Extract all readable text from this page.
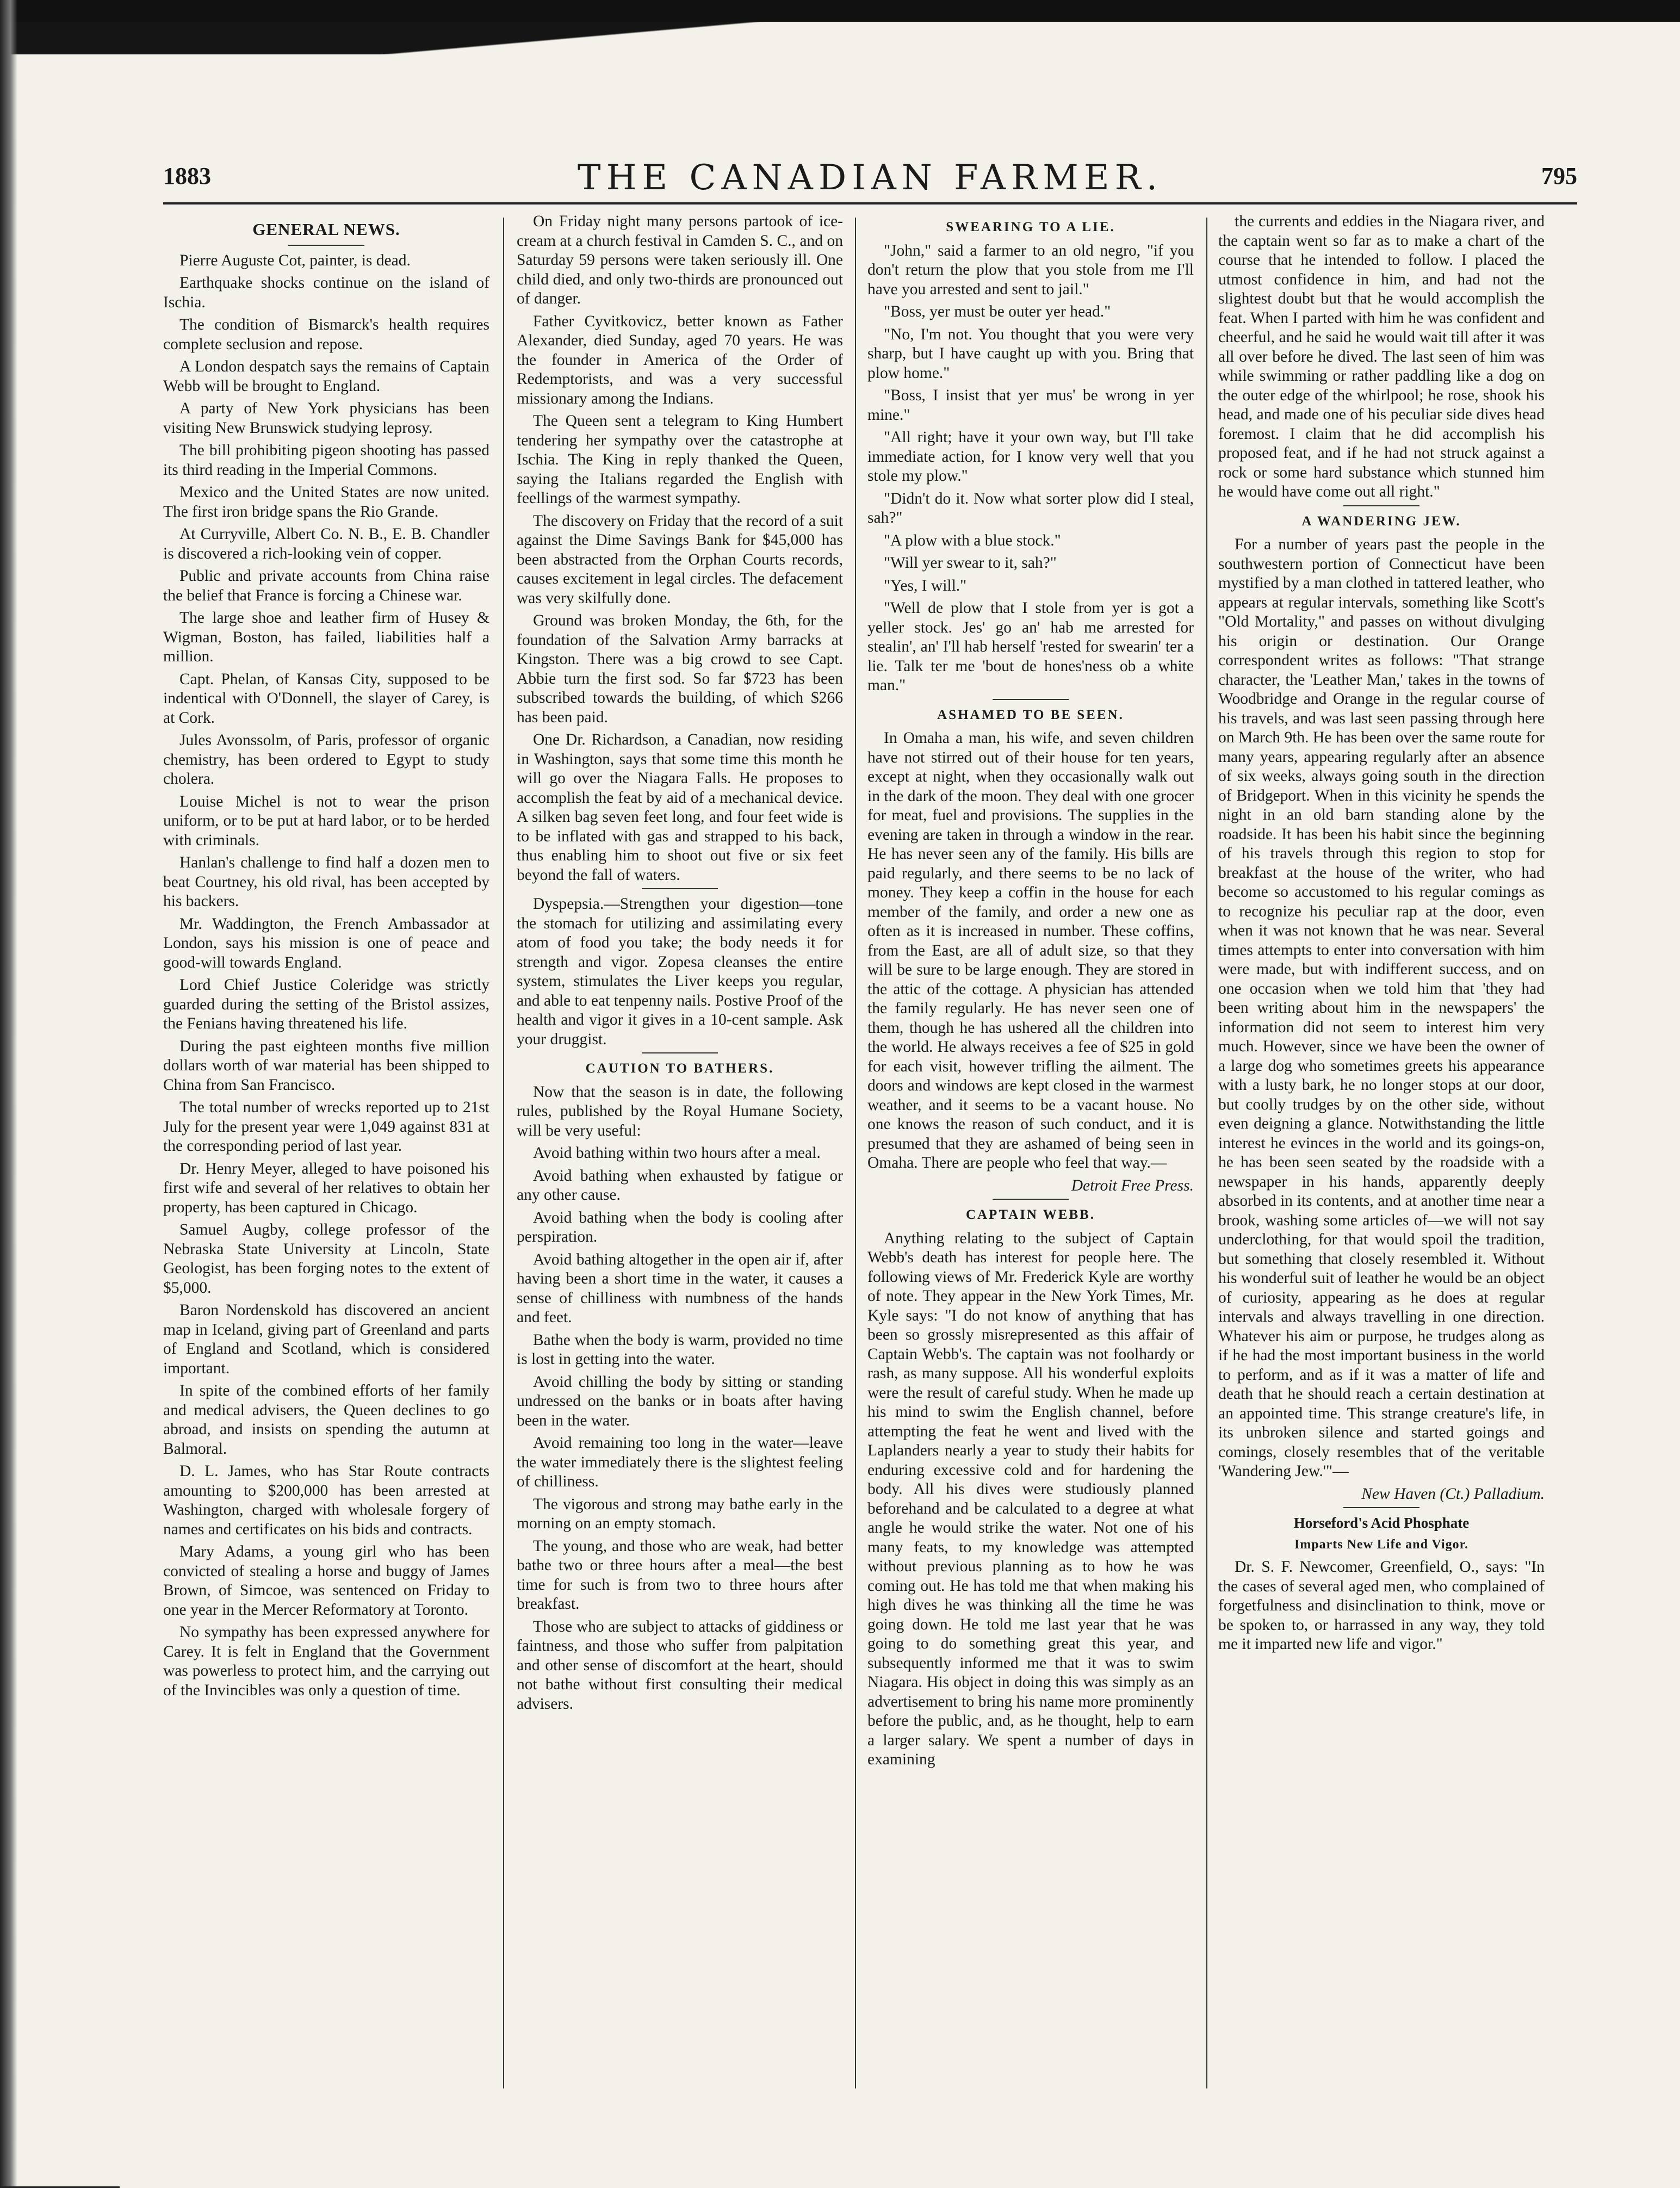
1883	THE CANADIAN FARMER.	795
GENERAL NEWS.

Pierre Auguste Cot, painter, is dead.

Earthquake shocks continue on the island of Ischia.

The condition of Bismarck's health requires complete seclusion and repose.

A London despatch says the remains of Captain Webb will be brought to England.

A party of New York physicians has been visiting New Brunswick studying leprosy.

The bill prohibiting pigeon shooting has passed its third reading in the Imperial Commons.

Mexico and the United States are now united. The first iron bridge spans the Rio Grande.

At Curryville, Albert Co. N. B., E. B. Chandler is discovered a rich-looking vein of copper.

Public and private accounts from China raise the belief that France is forcing a Chinese war.

The large shoe and leather firm of Husey & Wigman, Boston, has failed, liabilities half a million.

Capt. Phelan, of Kansas City, supposed to be indentical with O'Donnell, the slayer of Carey, is at Cork.

Jules Avonssolm, of Paris, professor of organic chemistry, has been ordered to Egypt to study cholera.

Louise Michel is not to wear the prison uniform, or to be put at hard labor, or to be herded with criminals.

Hanlan's challenge to find half a dozen men to beat Courtney, his old rival, has been accepted by his backers.

Mr. Waddington, the French Ambassador at London, says his mission is one of peace and good-will towards England.

Lord Chief Justice Coleridge was strictly guarded during the setting of the Bristol assizes, the Fenians having threatened his life.

During the past eighteen months five million dollars worth of war material has been shipped to China from San Francisco.

The total number of wrecks reported up to 21st July for the present year were 1,049 against 831 at the corresponding period of last year.

Dr. Henry Meyer, alleged to have poisoned his first wife and several of her relatives to obtain her property, has been captured in Chicago.

Samuel Augby, college professor of the Nebraska State University at Lincoln, State Geologist, has been forging notes to the extent of $5,000.

Baron Nordenskold has discovered an ancient map in Iceland, giving part of Greenland and parts of England and Scotland, which is considered important.

In spite of the combined efforts of her family and medical advisers, the Queen declines to go abroad, and insists on spending the autumn at Balmoral.

D. L. James, who has Star Route contracts amounting to $200,000 has been arrested at Washington, charged with wholesale forgery of names and certificates on his bids and contracts.

Mary Adams, a young girl who has been convicted of stealing a horse and buggy of James Brown, of Simcoe, was sentenced on Friday to one year in the Mercer Reformatory at Toronto.

No sympathy has been expressed anywhere for Carey. It is felt in England that the Government was powerless to protect him, and the carrying out of the Invincibles was only a question of time.

On Friday night many persons partook of ice-cream at a church festival in Camden S. C., and on Saturday 59 persons were taken seriously ill. One child died, and only two-thirds are pronounced out of danger.

Father Cyvitkovicz, better known as Father Alexander, died Sunday, aged 70 years. He was the founder in America of the Order of Redemptorists, and was a very successful missionary among the Indians.

The Queen sent a telegram to King Humbert tendering her sympathy over the catastrophe at Ischia. The King in reply thanked the Queen, saying the Italians regarded the English with feellings of the warmest sympathy.

The discovery on Friday that the record of a suit against the Dime Savings Bank for $45,000 has been abstracted from the Orphan Courts records, causes excitement in legal circles. The defacement was very skilfully done.

Ground was broken Monday, the 6th, for the foundation of the Salvation Army barracks at Kingston. There was a big crowd to see Capt. Abbie turn the first sod. So far $723 has been subscribed towards the building, of which $266 has been paid.

One Dr. Richardson, a Canadian, now residing in Washington, says that some time this month he will go over the Niagara Falls. He proposes to accomplish the feat by aid of a mechanical device. A silken bag seven feet long, and four feet wide is to be inflated with gas and strapped to his back, thus enabling him to shoot out five or six feet beyond the fall of waters.

Dyspepsia.—Strengthen your digestion—tone the stomach for utilizing and assimilating every atom of food you take; the body needs it for strength and vigor. Zopesa cleanses the entire system, stimulates the Liver keeps you regular, and able to eat tenpenny nails. Postive Proof of the health and vigor it gives in a 10-cent sample. Ask your druggist.

CAUTION TO BATHERS.

Now that the season is in date, the following rules, published by the Royal Humane Society, will be very useful:

Avoid bathing within two hours after a meal.

Avoid bathing when exhausted by fatigue or any other cause.

Avoid bathing when the body is cooling after perspiration.

Avoid bathing altogether in the open air if, after having been a short time in the water, it causes a sense of chilliness with numbness of the hands and feet.

Bathe when the body is warm, provided no time is lost in getting into the water.

Avoid chilling the body by sitting or standing undressed on the banks or in boats after having been in the water.

Avoid remaining too long in the water—leave the water immediately there is the slightest feeling of chilliness.

The vigorous and strong may bathe early in the morning on an empty stomach.

The young, and those who are weak, had better bathe two or three hours after a meal—the best time for such is from two to three hours after breakfast.

Those who are subject to attacks of giddiness or faintness, and those who suffer from palpitation and other sense of discomfort at the heart, should not bathe without first consulting their medical advisers.

SWEARING TO A LIE.

"John," said a farmer to an old negro, "if you don't return the plow that you stole from me I'll have you arrested and sent to jail."

"Boss, yer must be outer yer head."

"No, I'm not. You thought that you were very sharp, but I have caught up with you. Bring that plow home."

"Boss, I insist that yer mus' be wrong in yer mine."

"All right; have it your own way, but I'll take immediate action, for I know very well that you stole my plow."

"Didn't do it. Now what sorter plow did I steal, sah?"

"A plow with a blue stock."

"Will yer swear to it, sah?"

"Yes, I will."

"Well de plow that I stole from yer is got a yeller stock. Jes' go an' hab me arrested for stealin', an' I'll hab herself 'rested for swearin' ter a lie. Talk ter me 'bout de hones'ness ob a white man."

ASHAMED TO BE SEEN.

In Omaha a man, his wife, and seven children have not stirred out of their house for ten years, except at night, when they occasionally walk out in the dark of the moon. They deal with one grocer for meat, fuel and provisions. The supplies in the evening are taken in through a window in the rear. He has never seen any of the family. His bills are paid regularly, and there seems to be no lack of money. They keep a coffin in the house for each member of the family, and order a new one as often as it is increased in number. These coffins, from the East, are all of adult size, so that they will be sure to be large enough. They are stored in the attic of the cottage. A physician has attended the family regularly. He has never seen one of them, though he has ushered all the children into the world. He always receives a fee of $25 in gold for each visit, however trifling the ailment. The doors and windows are kept closed in the warmest weather, and it seems to be a vacant house. No one knows the reason of such conduct, and it is presumed that they are ashamed of being seen in Omaha. There are people who feel that way.—

Detroit Free Press.

CAPTAIN WEBB.

Anything relating to the subject of Captain Webb's death has interest for people here. The following views of Mr. Frederick Kyle are worthy of note. They appear in the New York Times, Mr. Kyle says: "I do not know of anything that has been so grossly misrepresented as this affair of Captain Webb's. The captain was not foolhardy or rash, as many suppose. All his wonderful exploits were the result of careful study. When he made up his mind to swim the English channel, before attempting the feat he went and lived with the Laplanders nearly a year to study their habits for enduring excessive cold and for hardening the body. All his dives were studiously planned beforehand and be calculated to a degree at what angle he would strike the water. Not one of his many feats, to my knowledge was attempted without previous planning as to how he was coming out. He has told me that when making his high dives he was thinking all the time he was going down. He told me last year that he was going to do something great this year, and subsequently informed me that it was to swim Niagara. His object in doing this was simply as an advertisement to bring his name more prominently before the public, and, as he thought, help to earn a larger salary. We spent a number of days in examining

the currents and eddies in the Niagara river, and the captain went so far as to make a chart of the course that he intended to follow. I placed the utmost confidence in him, and had not the slightest doubt but that he would accomplish the feat. When I parted with him he was confident and cheerful, and he said he would wait till after it was all over before he dived. The last seen of him was while swimming or rather paddling like a dog on the outer edge of the whirlpool; he rose, shook his head, and made one of his peculiar side dives head foremost. I claim that he did accomplish his proposed feat, and if he had not struck against a rock or some hard substance which stunned him he would have come out all right."

A WANDERING JEW.

For a number of years past the people in the southwestern portion of Connecticut have been mystified by a man clothed in tattered leather, who appears at regular intervals, something like Scott's "Old Mortality," and passes on without divulging his origin or destination. Our Orange correspondent writes as follows: "That strange character, the 'Leather Man,' takes in the towns of Woodbridge and Orange in the regular course of his travels, and was last seen passing through here on March 9th. He has been over the same route for many years, appearing regularly after an absence of six weeks, always going south in the direction of Bridgeport. When in this vicinity he spends the night in an old barn standing alone by the roadside. It has been his habit since the beginning of his travels through this region to stop for breakfast at the house of the writer, who had become so accustomed to his regular comings as to recognize his peculiar rap at the door, even when it was not known that he was near. Several times attempts to enter into conversation with him were made, but with indifferent success, and on one occasion when we told him that 'they had been writing about him in the newspapers' the information did not seem to interest him very much. However, since we have been the owner of a large dog who sometimes greets his appearance with a lusty bark, he no longer stops at our door, but coolly trudges by on the other side, without even deigning a glance. Notwithstanding the little interest he evinces in the world and its goings-on, he has been seen seated by the roadside with a newspaper in his hands, apparently deeply absorbed in its contents, and at another time near a brook, washing some articles of—we will not say underclothing, for that would spoil the tradition, but something that closely resembled it. Without his wonderful suit of leather he would be an object of curiosity, appearing as he does at regular intervals and always travelling in one direction. Whatever his aim or purpose, he trudges along as if he had the most important business in the world to perform, and as if it was a matter of life and death that he should reach a certain destination at an appointed time. This strange creature's life, in its unbroken silence and started goings and comings, closely resembles that of the veritable 'Wandering Jew.'"—

New Haven (Ct.) Palladium.

Horseford's Acid Phosphate
Imparts New Life and Vigor.

Dr. S. F. Newcomer, Greenfield, O., says: "In the cases of several aged men, who complained of forgetfulness and disinclination to think, move or be spoken to, or harrassed in any way, they told me it imparted new life and vigor."
